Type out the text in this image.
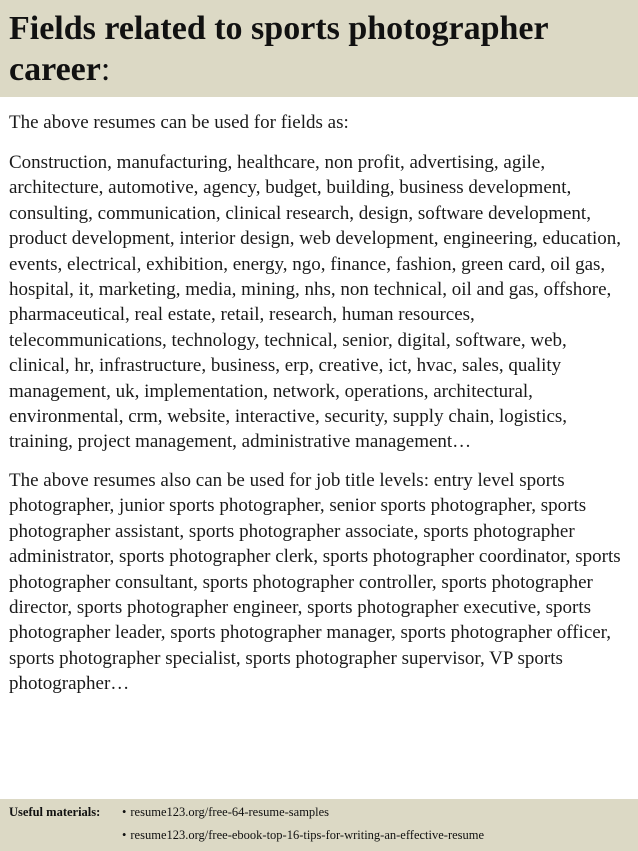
Fields related to sports photographer career:

The above resumes can be used for fields as:

Construction, manufacturing, healthcare, non profit, advertising, agile, architecture, automotive, agency, budget, building, business development, consulting, communication, clinical research, design, software development, product development, interior design, web development, engineering, education, events, electrical, exhibition, energy, ngo, finance, fashion, green card, oil gas, hospital, it, marketing, media, mining, nhs, non technical, oil and gas, offshore, pharmaceutical, real estate, retail, research, human resources, telecommunications, technology, technical, senior, digital, software, web, clinical, hr, infrastructure, business, erp, creative, ict, hvac, sales, quality management, uk, implementation, network, operations, architectural, environmental, crm, website, interactive, security, supply chain, logistics, training, project management, administrative management…

The above resumes also can be used for job title levels: entry level sports photographer, junior sports photographer, senior sports photographer, sports photographer assistant, sports photographer associate, sports photographer administrator, sports photographer clerk, sports photographer coordinator, sports photographer consultant, sports photographer controller, sports photographer director, sports photographer engineer, sports photographer executive, sports photographer leader, sports photographer manager, sports photographer officer, sports photographer specialist, sports photographer supervisor, VP sports photographer…

Useful materials: • resume123.org/free-64-resume-samples
• resume123.org/free-ebook-top-16-tips-for-writing-an-effective-resume
